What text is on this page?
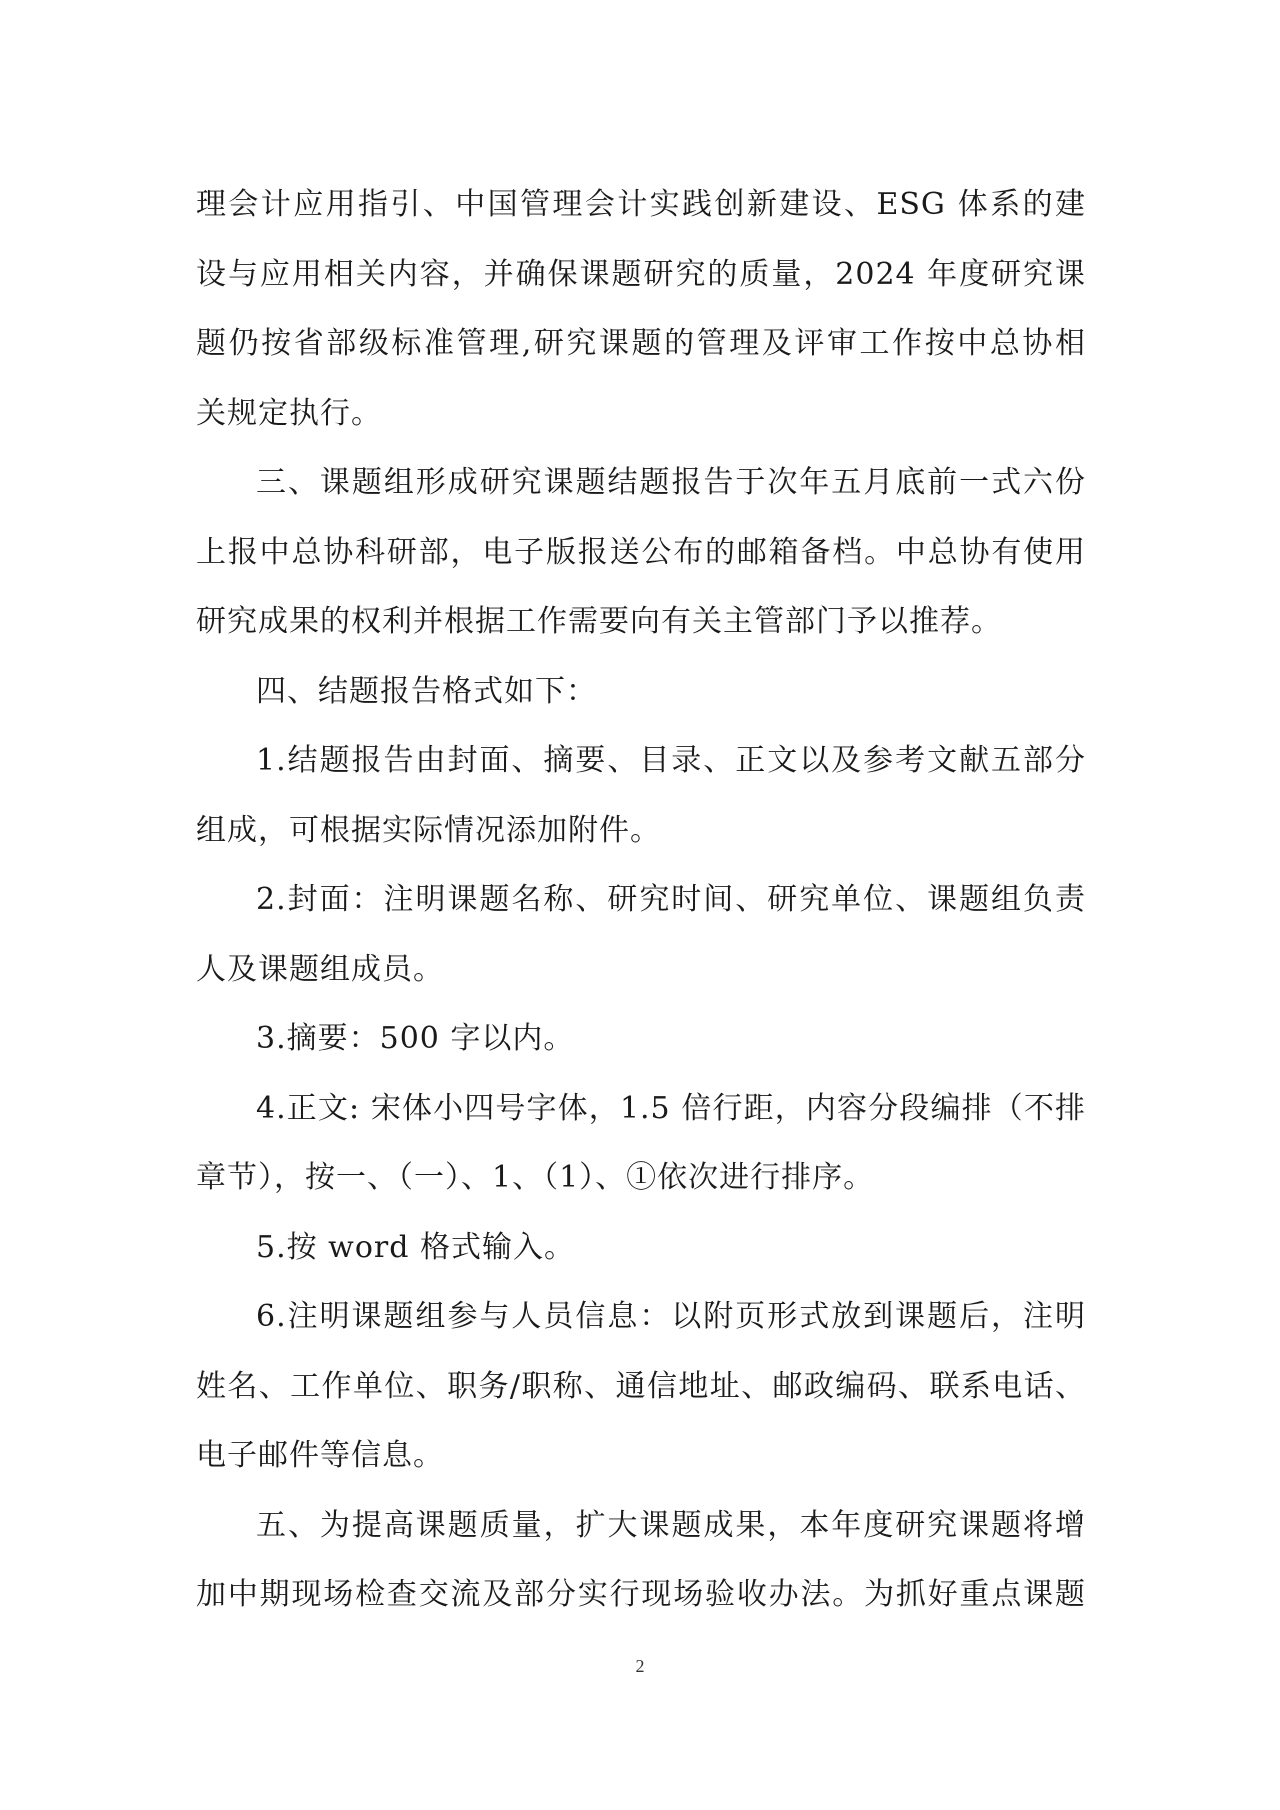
理会计应用指引、中国管理会计实践创新建设、ESG 体系的建
设与应用相关内容，并确保课题研究的质量，2024 年度研究课
题仍按省部级标准管理,研究课题的管理及评审工作按中总协相
关规定执行。
三、课题组形成研究课题结题报告于次年五月底前一式六份
上报中总协科研部，电子版报送公布的邮箱备档。中总协有使用
研究成果的权利并根据工作需要向有关主管部门予以推荐。
四、结题报告格式如下：
1.结题报告由封面、摘要、目录、正文以及参考文献五部分
组成，可根据实际情况添加附件。
2.封面：注明课题名称、研究时间、研究单位、课题组负责
人及课题组成员。
3.摘要：500 字以内。
4.正文: 宋体小四号字体，1.5 倍行距，内容分段编排（不排
章节），按一、（一）、1、（1）、①依次进行排序。
5.按 word 格式输入。
6.注明课题组参与人员信息：以附页形式放到课题后，注明
姓名、工作单位、职务/职称、通信地址、邮政编码、联系电话、
电子邮件等信息。
五、为提高课题质量，扩大课题成果，本年度研究课题将增
加中期现场检查交流及部分实行现场验收办法。为抓好重点课题
2
